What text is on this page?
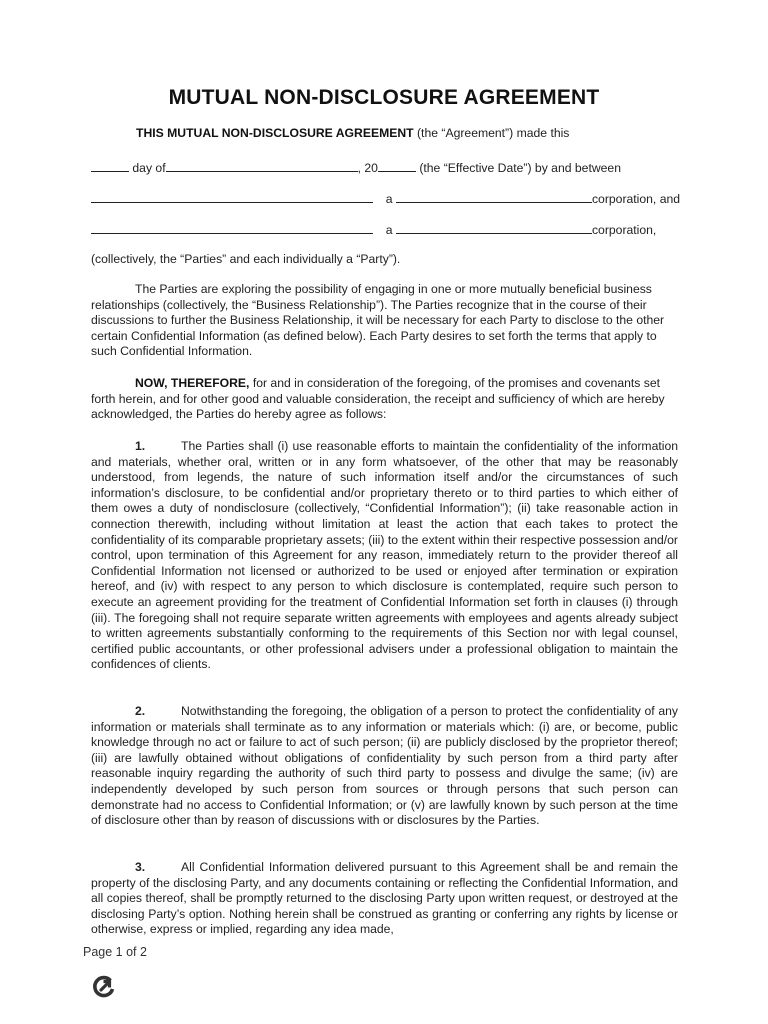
MUTUAL NON-DISCLOSURE AGREEMENT
THIS MUTUAL NON-DISCLOSURE AGREEMENT (the “Agreement”) made this
day of	, 20	(the “Effective Date”) by and between
a	corporation, and
a	corporation,
(collectively, the “Parties” and each individually a “Party”).

The Parties are exploring the possibility of engaging in one or more mutually beneficial business relationships (collectively, the “Business Relationship”). The Parties recognize that in the course of their discussions to further the Business Relationship, it will be necessary for each Party to disclose to the other certain Confidential Information (as defined below). Each Party desires to set forth the terms that apply to such Confidential Information.

NOW, THEREFORE, for and in consideration of the foregoing, of the promises and covenants set forth herein, and for other good and valuable consideration, the receipt and sufficiency of which are hereby acknowledged, the Parties do hereby agree as follows:

1.	The Parties shall (i) use reasonable efforts to maintain the confidentiality of the information and materials, whether oral, written or in any form whatsoever, of the other that may be reasonably understood, from legends, the nature of such information itself and/or the circumstances of such information’s disclosure, to be confidential and/or proprietary thereto or to third parties to which either of them owes a duty of nondisclosure (collectively, “Confidential Information”); (ii) take reasonable action in connection therewith, including without limitation at least the action that each takes to protect the confidentiality of its comparable proprietary assets; (iii) to the extent within their respective possession and/or control, upon termination of this Agreement for any reason, immediately return to the provider thereof all Confidential Information not licensed or authorized to be used or enjoyed after termination or expiration hereof, and (iv) with respect to any person to which disclosure is contemplated, require such person to execute an agreement providing for the treatment of Confidential Information set forth in clauses (i) through (iii). The foregoing shall not require separate written agreements with employees and agents already subject to written agreements substantially conforming to the requirements of this Section nor with legal counsel, certified public accountants, or other professional advisers under a professional obligation to maintain the confidences of clients.

2.	Notwithstanding the foregoing, the obligation of a person to protect the confidentiality of any information or materials shall terminate as to any information or materials which: (i) are, or become, public knowledge through no act or failure to act of such person; (ii) are publicly disclosed by the proprietor thereof; (iii) are lawfully obtained without obligations of confidentiality by such person from a third party after reasonable inquiry regarding the authority of such third party to possess and divulge the same; (iv) are independently developed by such person from sources or through persons that such person can demonstrate had no access to Confidential Information; or (v) are lawfully known by such person at the time of disclosure other than by reason of discussions with or disclosures by the Parties.

3.	All Confidential Information delivered pursuant to this Agreement shall be and remain the property of the disclosing Party, and any documents containing or reflecting the Confidential Information, and all copies thereof, shall be promptly returned to the disclosing Party upon written request, or destroyed at the disclosing Party’s option. Nothing herein shall be construed as granting or conferring any rights by license or otherwise, express or implied, regarding any idea made,

Page 1 of 2
